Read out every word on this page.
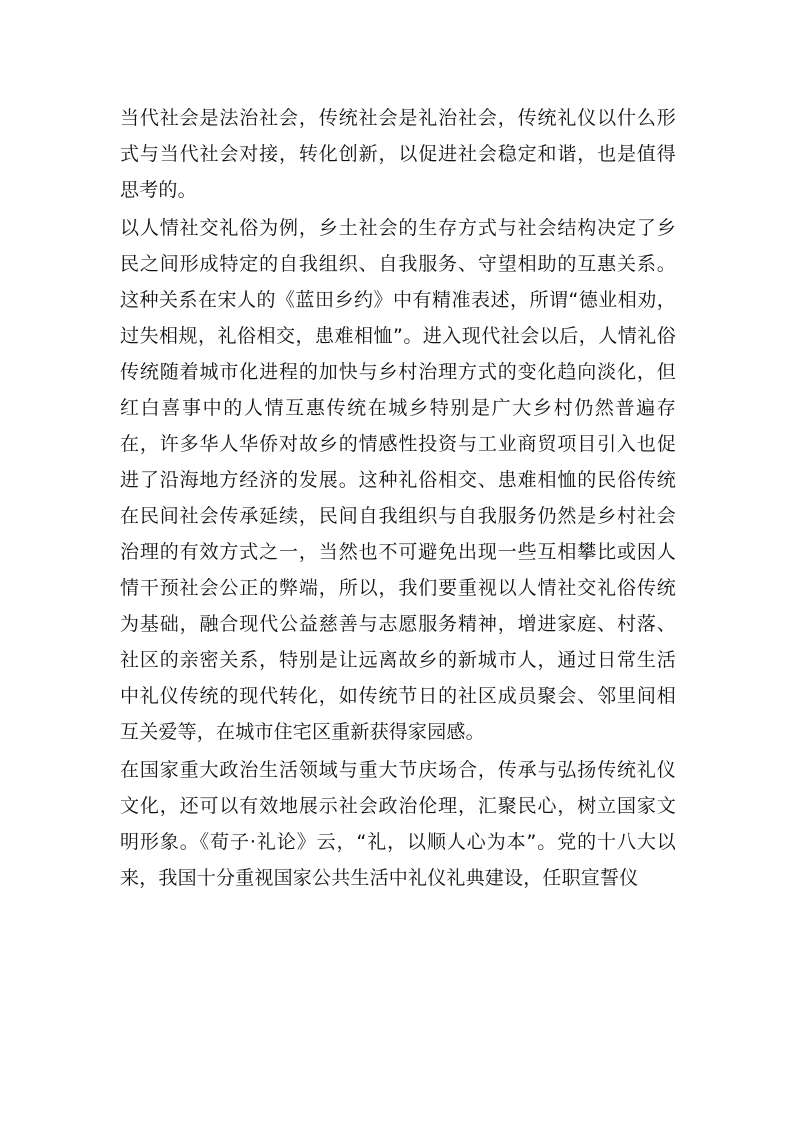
当代社会是法治社会，传统社会是礼治社会，传统礼仪以什么形式与当代社会对接，转化创新，以促进社会稳定和谐，也是值得思考的。

以人情社交礼俗为例，乡土社会的生存方式与社会结构决定了乡民之间形成特定的自我组织、自我服务、守望相助的互惠关系。这种关系在宋人的《蓝田乡约》中有精准表述，所谓“德业相劝，过失相规，礼俗相交，患难相恤”。进入现代社会以后，人情礼俗传统随着城市化进程的加快与乡村治理方式的变化趋向淡化，但红白喜事中的人情互惠传统在城乡特别是广大乡村仍然普遍存在，许多华人华侨对故乡的情感性投资与工业商贸项目引入也促进了沿海地方经济的发展。这种礼俗相交、患难相恤的民俗传统在民间社会传承延续，民间自我组织与自我服务仍然是乡村社会治理的有效方式之一，当然也不可避免出现一些互相攀比或因人情干预社会公正的弊端，所以，我们要重视以人情社交礼俗传统为基础，融合现代公益慈善与志愿服务精神，增进家庭、村落、社区的亲密关系，特别是让远离故乡的新城市人，通过日常生活中礼仪传统的现代转化，如传统节日的社区成员聚会、邻里间相互关爱等，在城市住宅区重新获得家园感。

在国家重大政治生活领域与重大节庆场合，传承与弘扬传统礼仪文化，还可以有效地展示社会政治伦理，汇聚民心，树立国家文明形象。《荀子·礼论》云，“礼，以顺人心为本”。党的十八大以来，我国十分重视国家公共生活中礼仪礼典建设，任职宣誓仪
